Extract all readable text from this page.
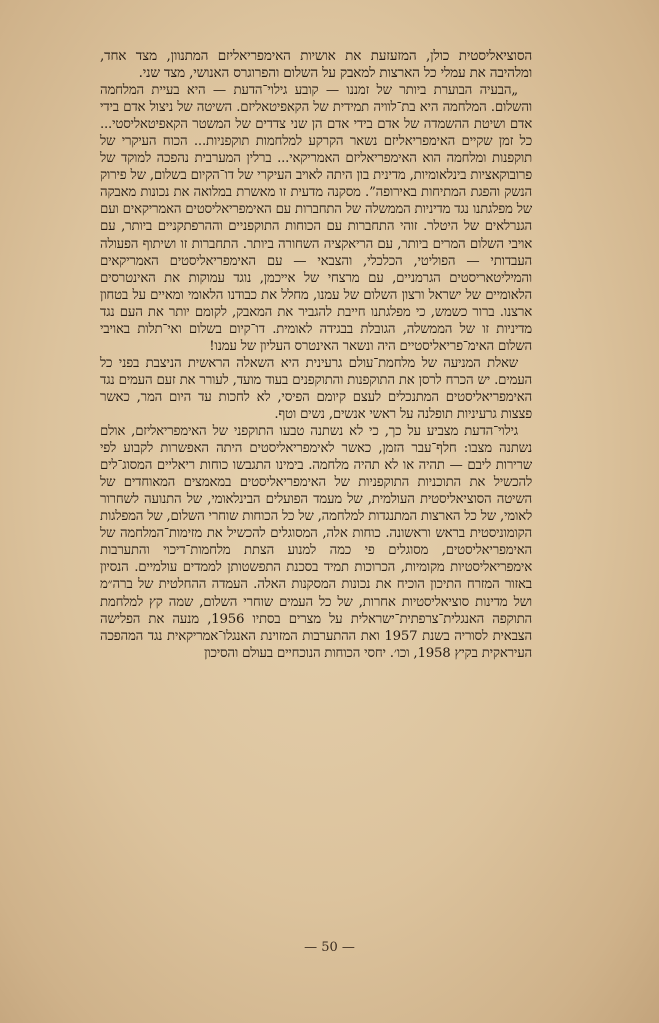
הסוציאליסטית כולן, המזעזעת את אושיות האימפריאליזם המתנוון, מצד אחד, ומלהיבה את עמלי כל הארצות למאבק על השלום והפרוגרס האנושי, מצד שני.

„הבעיה הבוערת ביותר של זמננו — קובע גילוי־הדעת — היא בעיית המלחמה והשלום. המלחמה היא בת־לוויה תמידית של הקאפיטאליזם. השיטה של ניצול אדם בידי אדם ושיטת ההשמדה של אדם בידי אדם הן שני צדדים של המשטר הקאפיטאליסטי... כל זמן שקיים האימפריאליזם נשאר הקרקע למלחמות תוקפניות... הכוח העיקרי של תוקפנות ומלחמה הוא האימפריאליזם האמריקאי... ברלין המערבית נהפכה למוקד של פרובוקאציות בינלאומיות, מדינית בון היתה לאויב העיקרי של דו־הקיום בשלום, של פירוק הנשק והפגת המתיחות באירופה”. מסקנה מדעית זו מאשרת במלואה את נכונות מאבקה של מפלגתנו נגד מדיניות הממשלה של התחברות עם האימפריאליסטים האמריקאים ועם הגנרלאים של היטלר. זוהי התחברות עם הכוחות התוקפניים וההרפתקניים ביותר, עם אויבי השלום המרים ביותר, עם הריאקציה השחורה ביותר. התחברות זו ושיתוף הפעולה העבדותי — הפוליטי, הכלכלי, והצבאי — עם האימפריאליסטים האמריקאים והמיליטאריסטים הגרמניים, עם מרצחי של אייכמן, נוגד עמוקות את האינטרסים הלאומיים של ישראל ורצון השלום של עמנו, מחלל את כבודנו הלאומי ומאיים על בטחון ארצנו. ברור כשמש, כי מפלגתנו חייבת להגביר את המאבק, לקומם יותר את העם נגד מדיניות זו של הממשלה, הגובלת בבגידה לאומית. דו־קיום בשלום ואי־תלות באויבי השלום האימ־פריאליסטיים היה ונשאר האינטרס העליון של עמנו!

שאלת המניעה של מלחמת־עולם גרעינית היא השאלה הראשית הניצבת בפני כל העמים. יש הכרח לרסן את התוקפנות והתוקפנים בעוד מועד, לעורר את זעם העמים נגד האימפריאליסטים המתנכלים לעצם קיומם הפיסי, לא לחכות עד היום המר, כאשר פצצות גרעיניות תופלנה על ראשי אנשים, נשים וטף.

גילוי־הדעת מצביע על כך, כי לא נשתנה טבעו התוקפני של האימפריאליזם, אולם נשתנה מצבו: חלף־עבר הזמן, כאשר לאימפריאליסטים היתה האפשרות לקבוע לפי שרירות ליבם — תהיה או לא תהיה מלחמה. בימינו התגבשו כוחות ריאליים המסוג־לים להכשיל את התוכניות התוקפניות של האימפריאליסטים במאמצים המאוחדים של השיטה הסוציאליסטית העולמית, של מעמד הפועלים הבינלאומי, של התנועה לשחרור לאומי, של כל הארצות המתנגדות למלחמה, של כל הכוחות שוחרי השלום, של המפלגות הקומוניסטית בראש וראשונה. כוחות אלה, המסוגלים להכשיל את מזימות־המלחמה של האימפריאליסטים, מסוגלים פי כמה למנוע הצתת מלחמות־דיכוי והתערבות אימפריאליסטיות מקומיות, הכרוכות תמיד בסכנת התפשטותן לממדים עולמיים. הנסיון באזור המזרח התיכון הוכיח את נכונות המסקנות האלה. העמדה ההחלטית של ברה״מ ושל מדינות סוציאליסטיות אחרות, של כל העמים שוחרי השלום, שמה קץ למלחמת התוקפה האנגלית־צרפתית־ישראלית על מצרים בסתיו 1956, מנעה את הפלישה הצבאית לסוריה בשנת 1957 ואת ההתערבות המזוינת האנגלו־אמריקאית נגד המהפכה העיראקית בקיץ 1958, וכו׳. יחסי הכוחות הנוכחיים בעולם והסיכון

— 50 —
